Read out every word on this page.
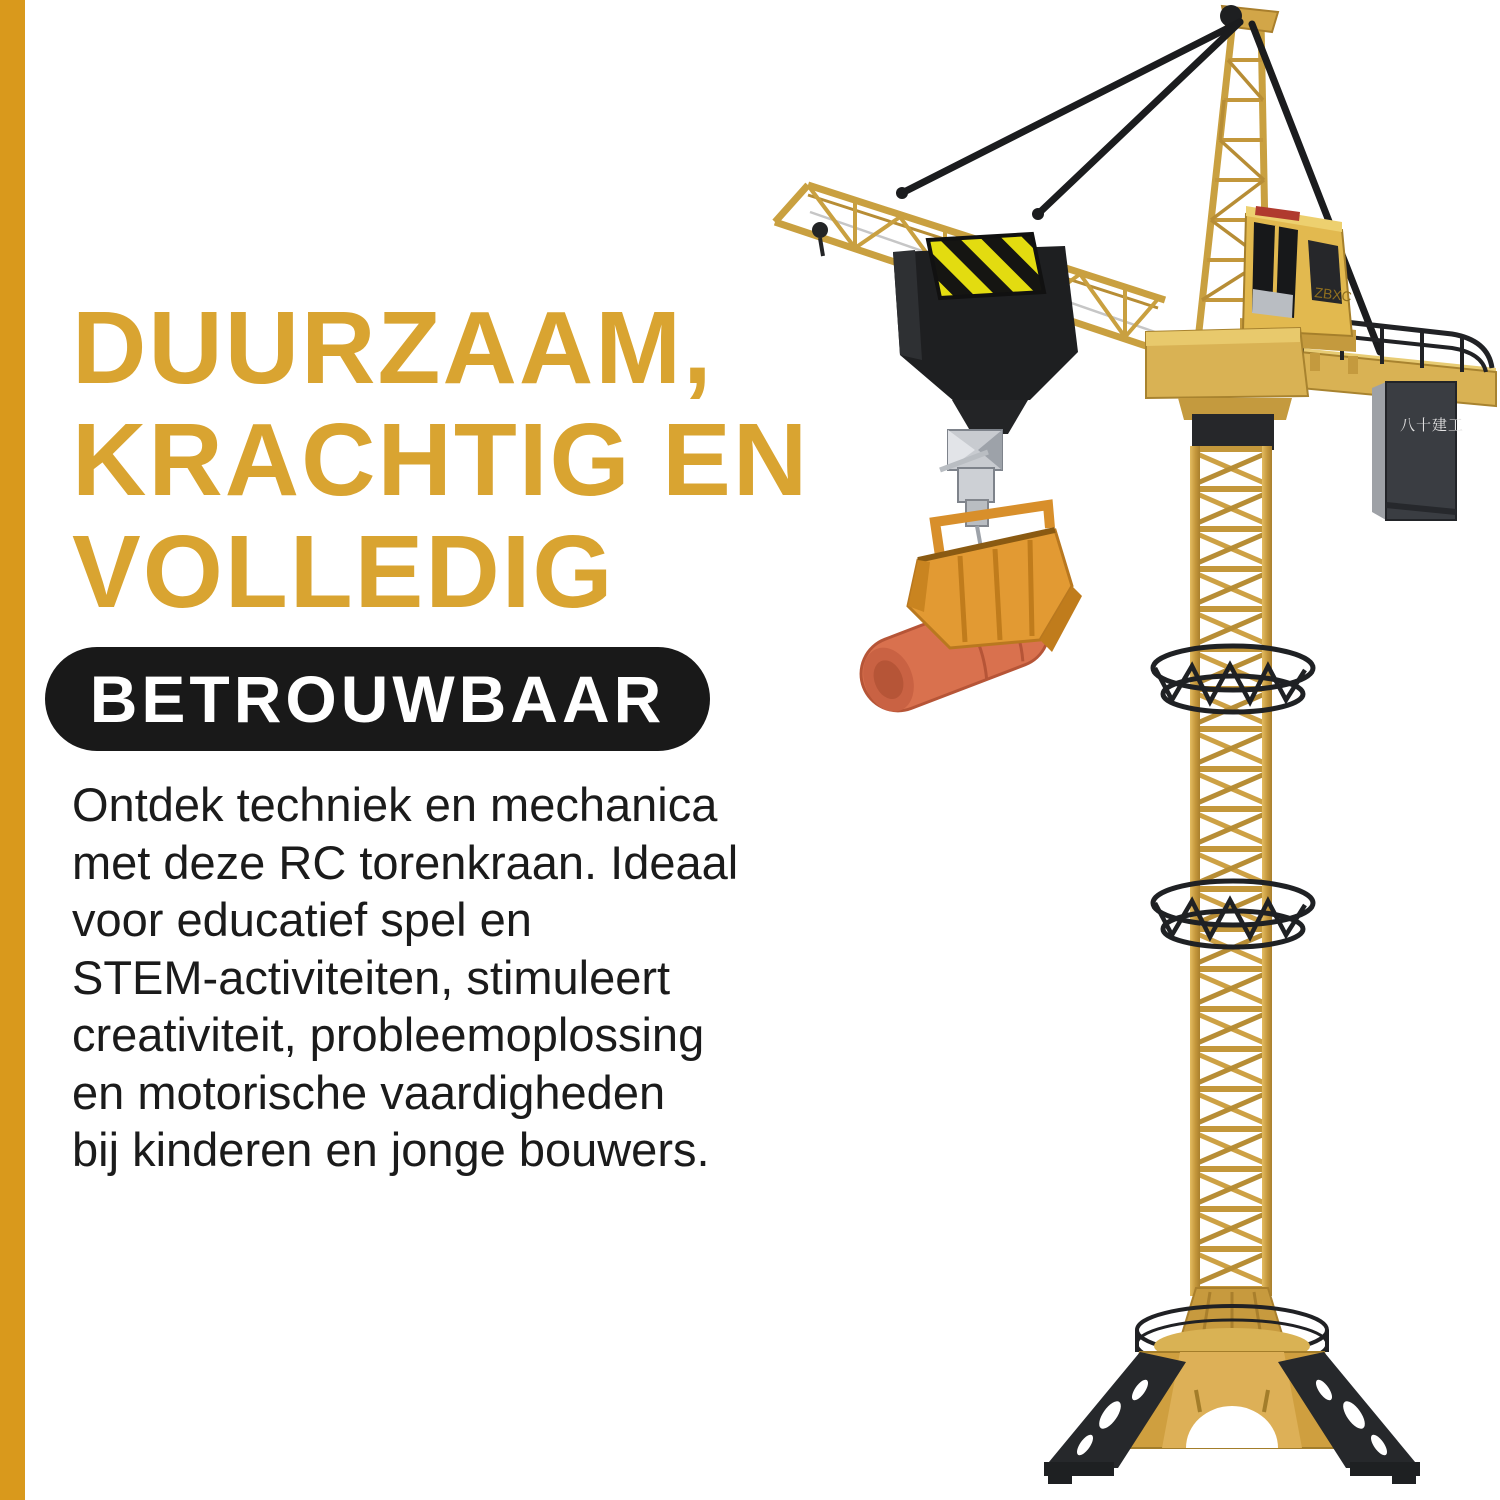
DUURZAAM,
KRACHTIG EN
VOLLEDIG
BETROUWBAAR
Ontdek techniek en mechanica
met deze RC torenkraan. Ideaal
voor educatief spel en
STEM-activiteiten, stimuleert
creativiteit, probleemoplossing
en motorische vaardigheden
bij kinderen en jonge bouwers.
八十建工
ZBXC
